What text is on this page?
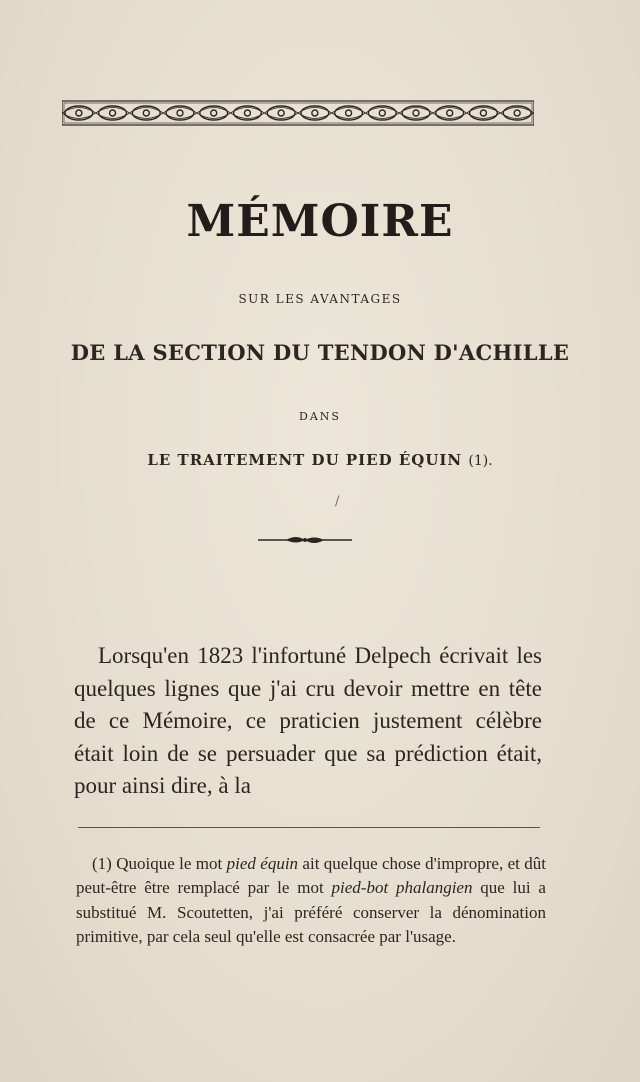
MÉMOIRE

SUR LES AVANTAGES

DE LA SECTION DU TENDON D'ACHILLE

DANS

LE TRAITEMENT DU PIED ÉQUIN (1).

/

Lorsqu'en 1823 l'infortuné Delpech écrivait les quelques lignes que j'ai cru devoir mettre en tête de ce Mémoire, ce praticien justement célèbre était loin de se persuader que sa prédiction était, pour ainsi dire, à la

(1) Quoique le mot pied équin ait quelque chose d'impropre, et dût peut-être être remplacé par le mot pied-bot phalangien que lui a substitué M. Scoutetten, j'ai préféré conserver la dénomination primitive, par cela seul qu'elle est consacrée par l'usage.
